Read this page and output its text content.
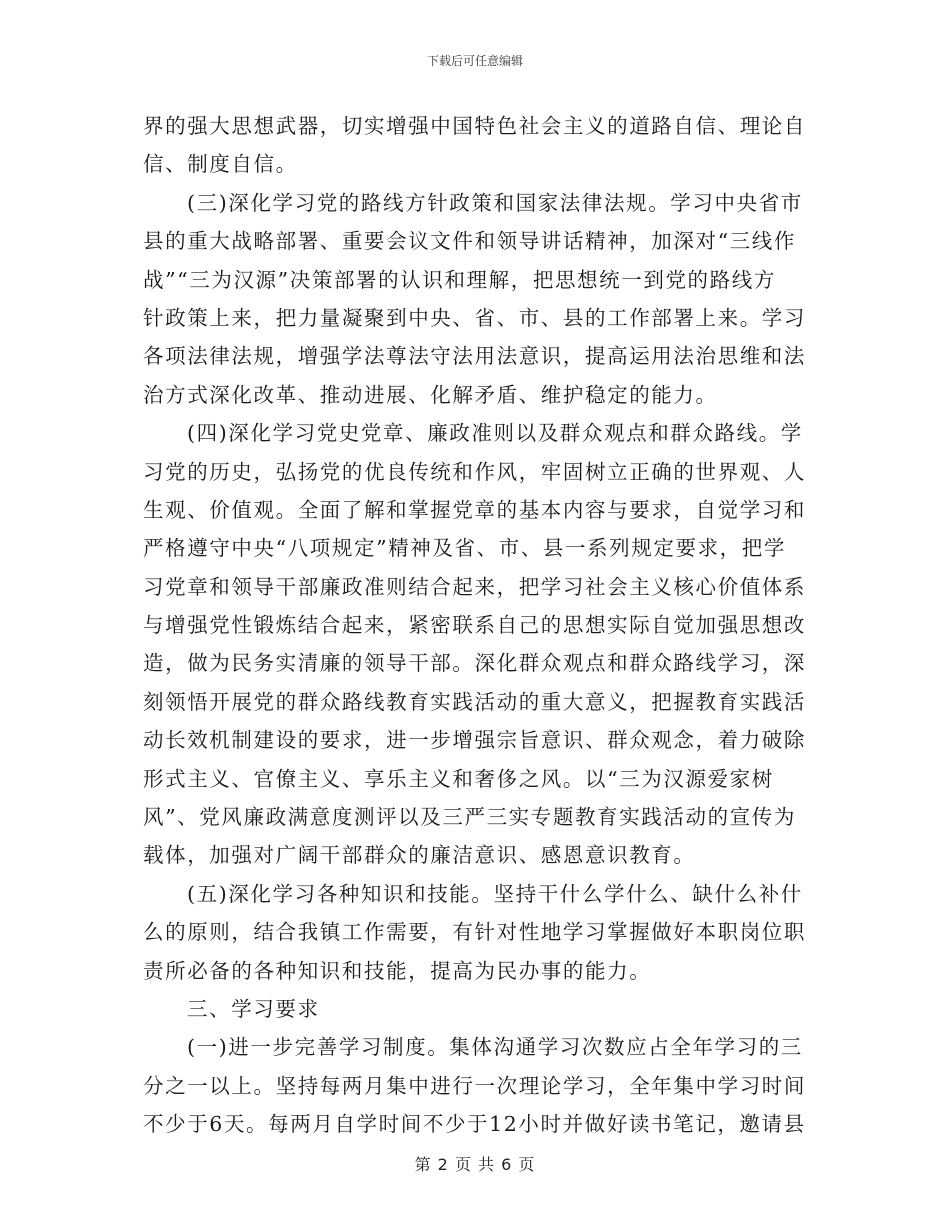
下载后可任意编辑
界的强大思想武器，切实增强中国特色社会主义的道路自信、理论自
信、制度自信。
(三)深化学习党的路线方针政策和国家法律法规。学习中央省市
县的重大战略部署、重要会议文件和领导讲话精神，加深对“三线作
战”“三为汉源”决策部署的认识和理解，把思想统一到党的路线方
针政策上来，把力量凝聚到中央、省、市、县的工作部署上来。学习
各项法律法规，增强学法尊法守法用法意识，提高运用法治思维和法
治方式深化改革、推动进展、化解矛盾、维护稳定的能力。
(四)深化学习党史党章、廉政准则以及群众观点和群众路线。学
习党的历史，弘扬党的优良传统和作风，牢固树立正确的世界观、人
生观、价值观。全面了解和掌握党章的基本内容与要求，自觉学习和
严格遵守中央“八项规定”精神及省、市、县一系列规定要求，把学
习党章和领导干部廉政准则结合起来，把学习社会主义核心价值体系
与增强党性锻炼结合起来，紧密联系自己的思想实际自觉加强思想改
造，做为民务实清廉的领导干部。深化群众观点和群众路线学习，深
刻领悟开展党的群众路线教育实践活动的重大意义，把握教育实践活
动长效机制建设的要求，进一步增强宗旨意识、群众观念，着力破除
形式主义、官僚主义、享乐主义和奢侈之风。以“三为汉源爱家树
风”、党风廉政满意度测评以及三严三实专题教育实践活动的宣传为
载体，加强对广阔干部群众的廉洁意识、感恩意识教育。
(五)深化学习各种知识和技能。坚持干什么学什么、缺什么补什
么的原则，结合我镇工作需要，有针对性地学习掌握做好本职岗位职
责所必备的各种知识和技能，提高为民办事的能力。
三、学习要求
(一)进一步完善学习制度。集体沟通学习次数应占全年学习的三
分之一以上。坚持每两月集中进行一次理论学习，全年集中学习时间
不少于6天。每两月自学时间不少于12小时并做好读书笔记，邀请县
第 2 页 共 6 页
